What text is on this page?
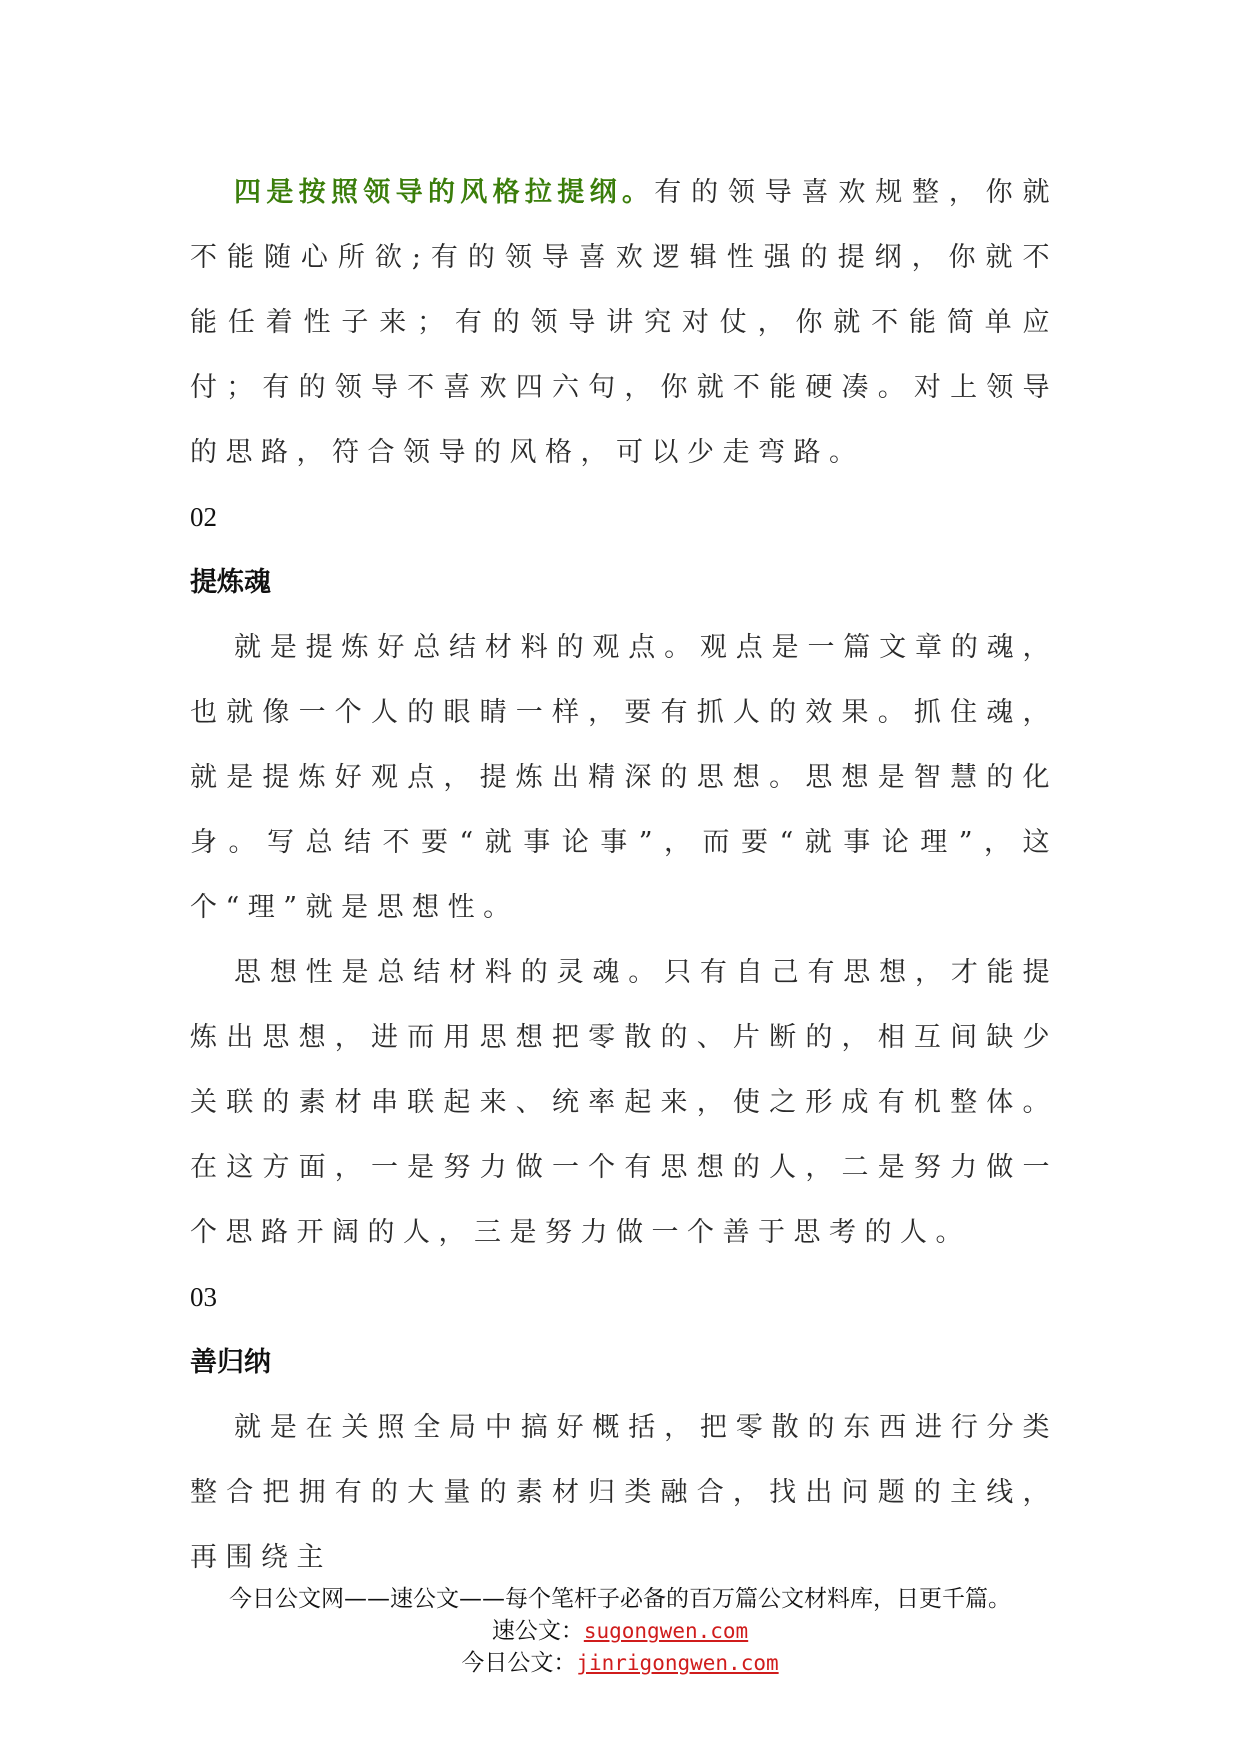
四是按照领导的风格拉提纲。有的领导喜欢规整，你就不能随心所欲;有的领导喜欢逻辑性强的提纲，你就不能任着性子来；有的领导讲究对仗，你就不能简单应付；有的领导不喜欢四六句，你就不能硬凑。对上领导的思路，符合领导的风格，可以少走弯路。

02

提炼魂

就是提炼好总结材料的观点。观点是一篇文章的魂，也就像一个人的眼睛一样，要有抓人的效果。抓住魂，就是提炼好观点，提炼出精深的思想。思想是智慧的化身。写总结不要“就事论事”，而要“就事论理”，这个“理”就是思想性。

思想性是总结材料的灵魂。只有自己有思想，才能提炼出思想，进而用思想把零散的、片断的，相互间缺少关联的素材串联起来、统率起来，使之形成有机整体。在这方面，一是努力做一个有思想的人，二是努力做一个思路开阔的人，三是努力做一个善于思考的人。

03

善归纳

就是在关照全局中搞好概括，把零散的东西进行分类整合把拥有的大量的素材归类融合，找出问题的主线，再围绕主

今日公文网——速公文——每个笔杆子必备的百万篇公文材料库，日更千篇。
速公文：sugongwen.com
今日公文：jinrigongwen.com
